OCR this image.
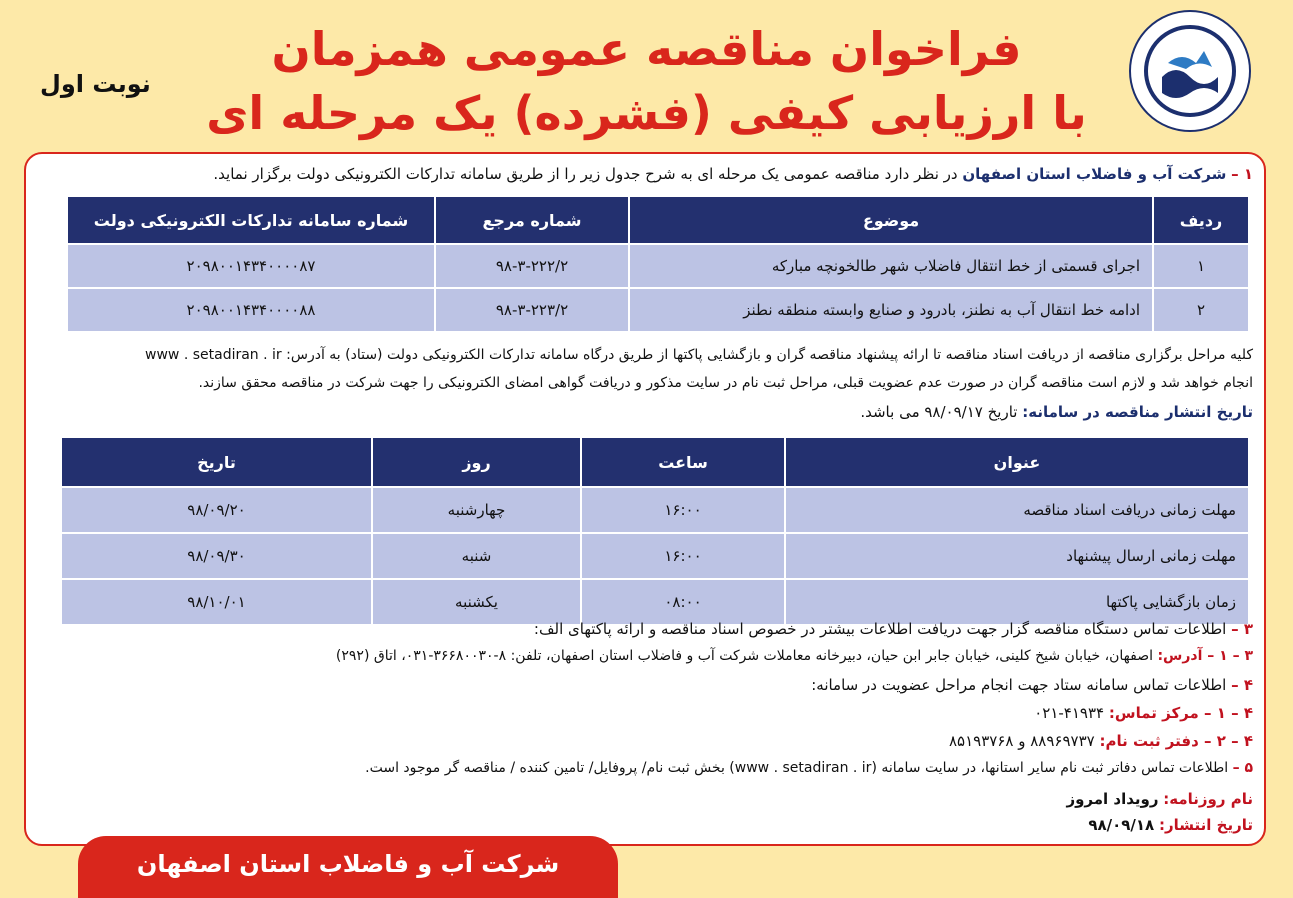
نوبت اول
فراخوان مناقصه عمومی همزمان
با ارزیابی کیفی (فشرده) یک مرحله ای
۱ – شرکت آب و فاضلاب استان اصفهان در نظر دارد مناقصه عمومی یک مرحله ای به شرح جدول زیر را از طریق سامانه تدارکات الکترونیکی دولت برگزار نماید.
ردیف	موضوع	شماره مرجع	شماره سامانه تدارکات الکترونیکی دولت
۱	اجرای قسمتی از خط انتقال فاضلاب شهر طالخونچه مبارکه	۹۸-۳-۲۲۲/۲	۲۰۹۸۰۰۱۴۳۴۰۰۰۰۸۷
۲	ادامه خط انتقال آب به نطنز، بادرود و صنایع وابسته منطقه نطنز	۹۸-۳-۲۲۳/۲	۲۰۹۸۰۰۱۴۳۴۰۰۰۰۸۸
کلیه مراحل برگزاری مناقصه از دریافت اسناد مناقصه تا ارائه پیشنهاد مناقصه گران و بازگشایی پاکتها از طریق درگاه سامانه تدارکات الکترونیکی دولت (ستاد) به آدرس: www . setadiran . ir
انجام خواهد شد و لازم است مناقصه گران در صورت عدم عضویت قبلی، مراحل ثبت نام در سایت مذکور و دریافت گواهی امضای الکترونیکی را جهت شرکت در مناقصه محقق سازند.
تاریخ انتشار مناقصه در سامانه: تاریخ ۹۸/۰۹/۱۷ می باشد.
عنوان	ساعت	روز	تاریخ
مهلت زمانی دریافت اسناد مناقصه	۱۶:۰۰	چهارشنبه	۹۸/۰۹/۲۰
مهلت زمانی ارسال پیشنهاد	۱۶:۰۰	شنبه	۹۸/۰۹/۳۰
زمان بازگشایی پاکتها	۰۸:۰۰	یکشنبه	۹۸/۱۰/۰۱
۳ – اطلاعات تماس دستگاه مناقصه گزار جهت دریافت اطلاعات بیشتر در خصوص اسناد مناقصه و ارائه پاکتهای الف:
۳ – ۱ – آدرس: اصفهان، خیابان شیخ کلینی، خیابان جابر ابن حیان، دبیرخانه معاملات شرکت آب و فاضلاب استان اصفهان، تلفن: ۸-۳۶۶۸۰۰۳۰-۰۳۱، اتاق (۲۹۲)
۴ – اطلاعات تماس سامانه ستاد جهت انجام مراحل عضویت در سامانه:
۴ – ۱ – مرکز تماس: ۴۱۹۳۴-۰۲۱
۴ – ۲ – دفتر ثبت نام: ۸۸۹۶۹۷۳۷ و ۸۵۱۹۳۷۶۸
۵ – اطلاعات تماس دفاتر ثبت نام سایر استانها، در سایت سامانه (www . setadiran . ir) بخش ثبت نام/ پروفایل/ تامین کننده / مناقصه گر موجود است.
نام روزنامه: رویداد امروز
تاریخ انتشار: ۹۸/۰۹/۱۸
شرکت آب و فاضلاب استان اصفهان
